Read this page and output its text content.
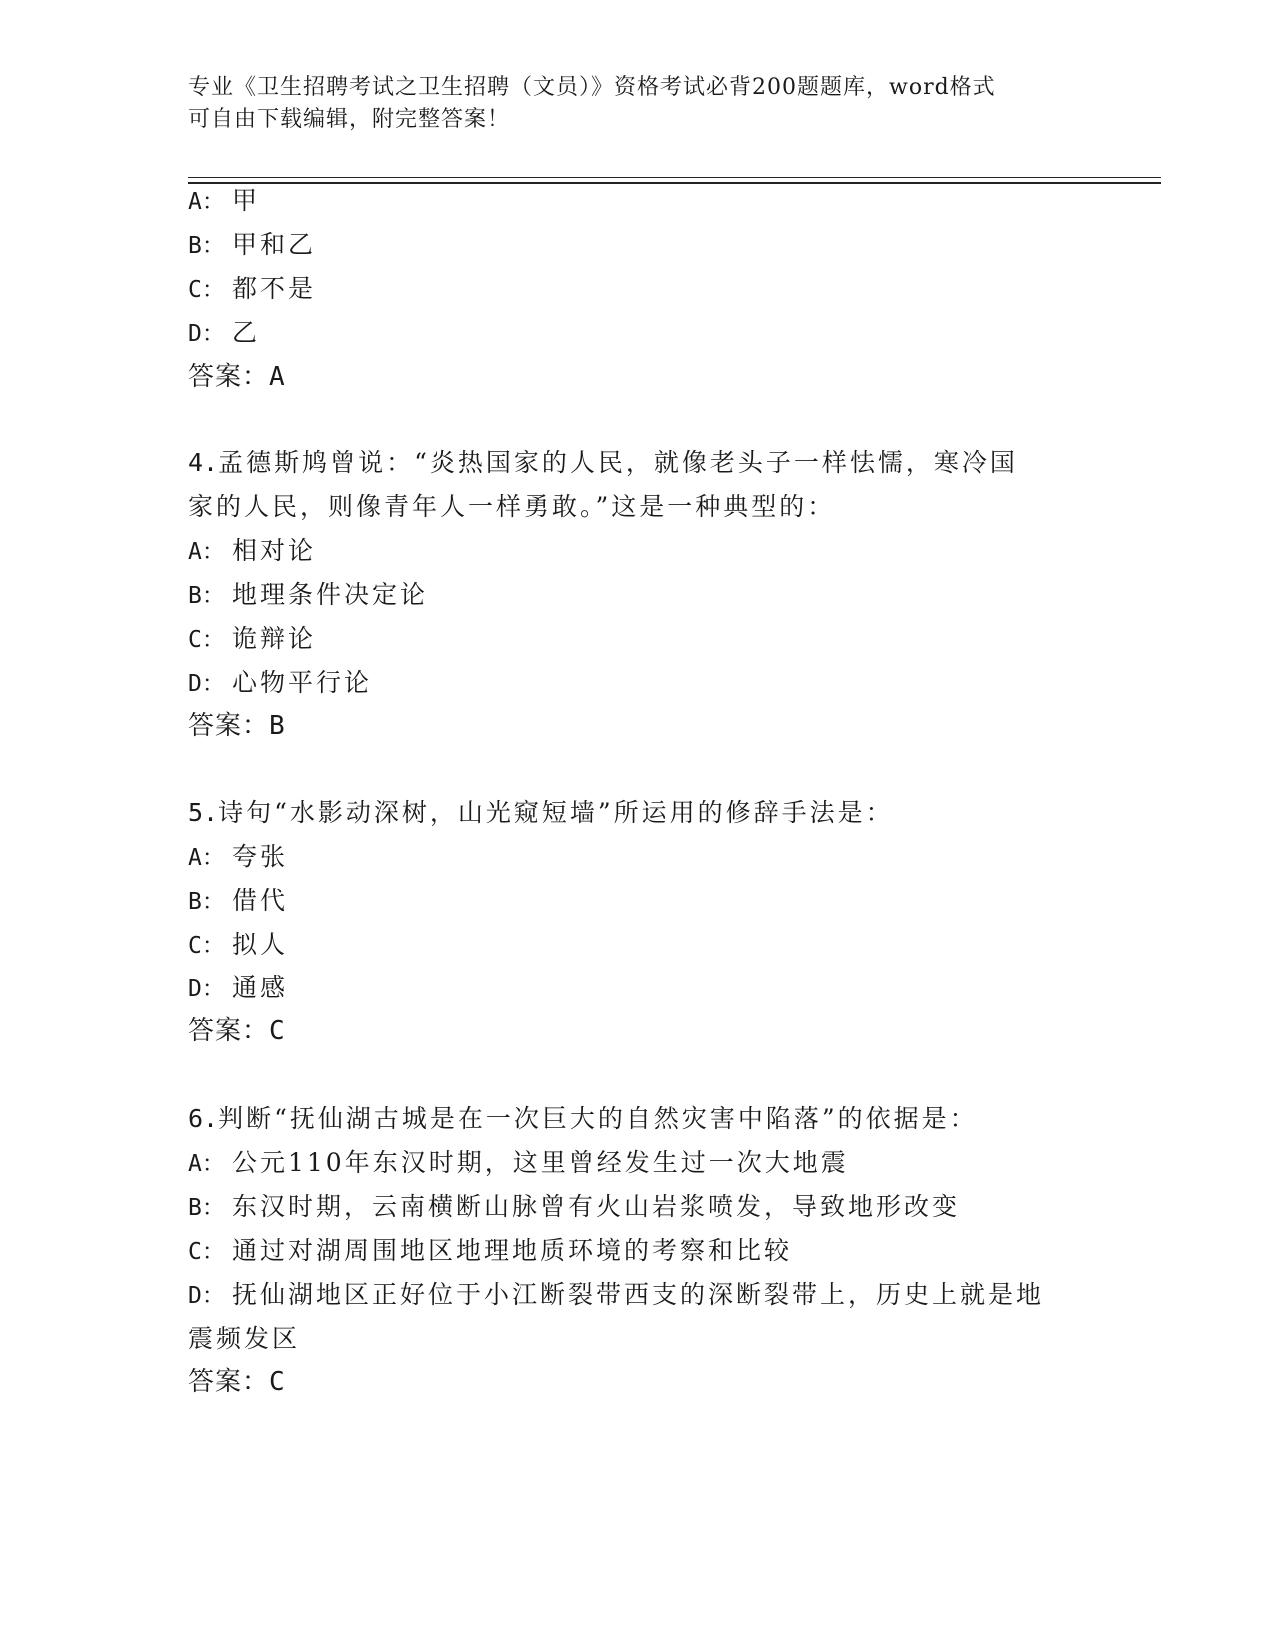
专业《卫生招聘考试之卫生招聘（文员）》资格考试必背200题题库，word格式
可自由下载编辑，附完整答案！
A： 甲
B： 甲和乙
C： 都不是
D： 乙
答案：A
4.孟德斯鸠曾说：“炎热国家的人民，就像老头子一样怯懦，寒冷国
家的人民，则像青年人一样勇敢。”这是一种典型的：
A： 相对论
B： 地理条件决定论
C： 诡辩论
D： 心物平行论
答案：B
5.诗句“水影动深树，山光窥短墙”所运用的修辞手法是：
A： 夸张
B： 借代
C： 拟人
D： 通感
答案：C
6.判断“抚仙湖古城是在一次巨大的自然灾害中陷落”的依据是：
A： 公元110年东汉时期，这里曾经发生过一次大地震
B： 东汉时期，云南横断山脉曾有火山岩浆喷发，导致地形改变
C： 通过对湖周围地区地理地质环境的考察和比较
D： 抚仙湖地区正好位于小江断裂带西支的深断裂带上，历史上就是地
震频发区
答案：C
